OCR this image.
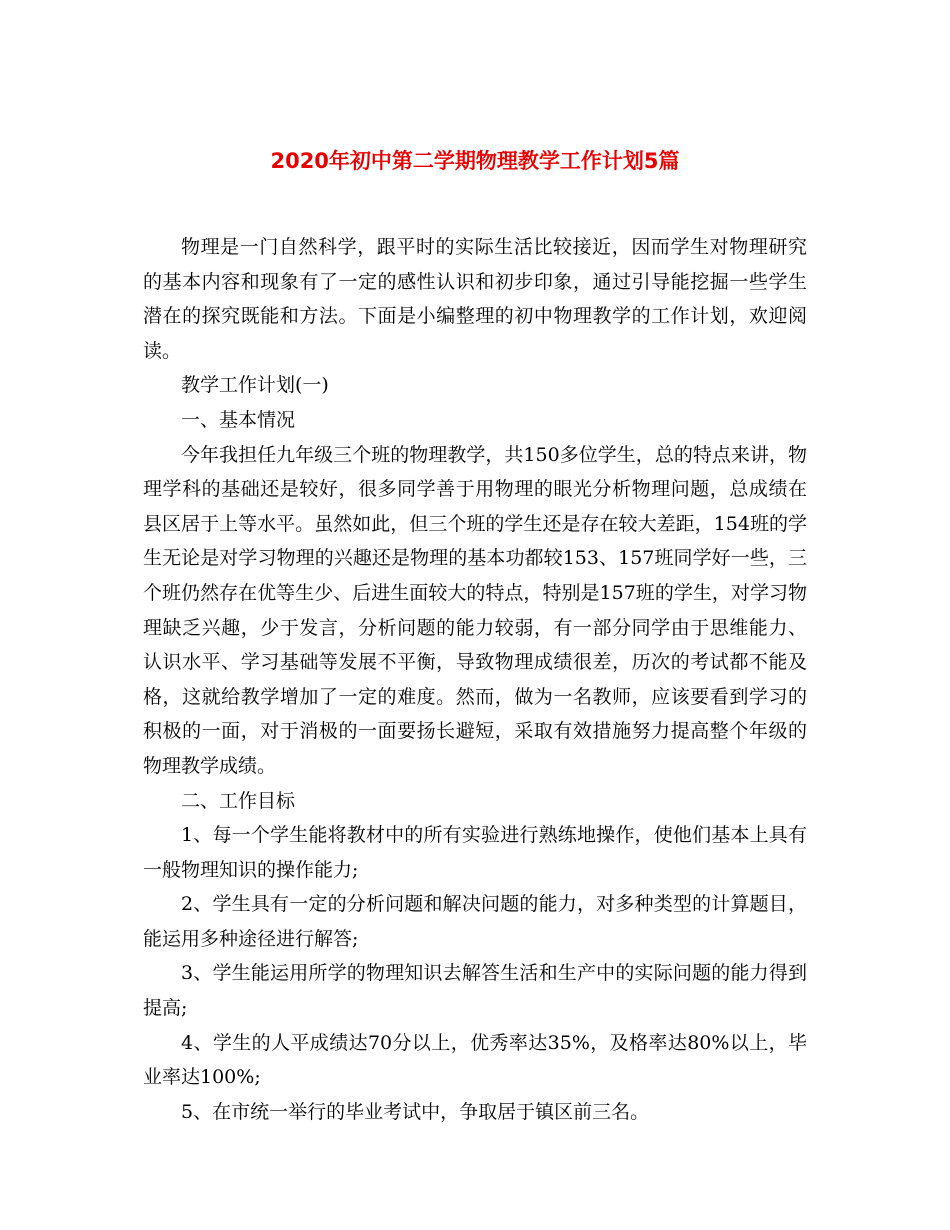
2020年初中第二学期物理教学工作计划5篇

物理是一门自然科学，跟平时的实际生活比较接近，因而学生对物理研究的基本内容和现象有了一定的感性认识和初步印象，通过引导能挖掘一些学生潜在的探究既能和方法。下面是小编整理的初中物理教学的工作计划，欢迎阅读。

教学工作计划(一)

一、基本情况

今年我担任九年级三个班的物理教学，共150多位学生，总的特点来讲，物理学科的基础还是较好，很多同学善于用物理的眼光分析物理问题，总成绩在县区居于上等水平。虽然如此，但三个班的学生还是存在较大差距，154班的学生无论是对学习物理的兴趣还是物理的基本功都较153、157班同学好一些，三个班仍然存在优等生少、后进生面较大的特点，特别是157班的学生，对学习物理缺乏兴趣，少于发言，分析问题的能力较弱，有一部分同学由于思维能力、认识水平、学习基础等发展不平衡，导致物理成绩很差，历次的考试都不能及格，这就给教学增加了一定的难度。然而，做为一名教师，应该要看到学习的积极的一面，对于消极的一面要扬长避短，采取有效措施努力提高整个年级的物理教学成绩。

二、工作目标

1、每一个学生能将教材中的所有实验进行熟练地操作，使他们基本上具有一般物理知识的操作能力;

2、学生具有一定的分析问题和解决问题的能力，对多种类型的计算题目，能运用多种途径进行解答;

3、学生能运用所学的物理知识去解答生活和生产中的实际问题的能力得到提高;

4、学生的人平成绩达70分以上，优秀率达35%，及格率达80%以上，毕业率达100%;

5、在市统一举行的毕业考试中，争取居于镇区前三名。
